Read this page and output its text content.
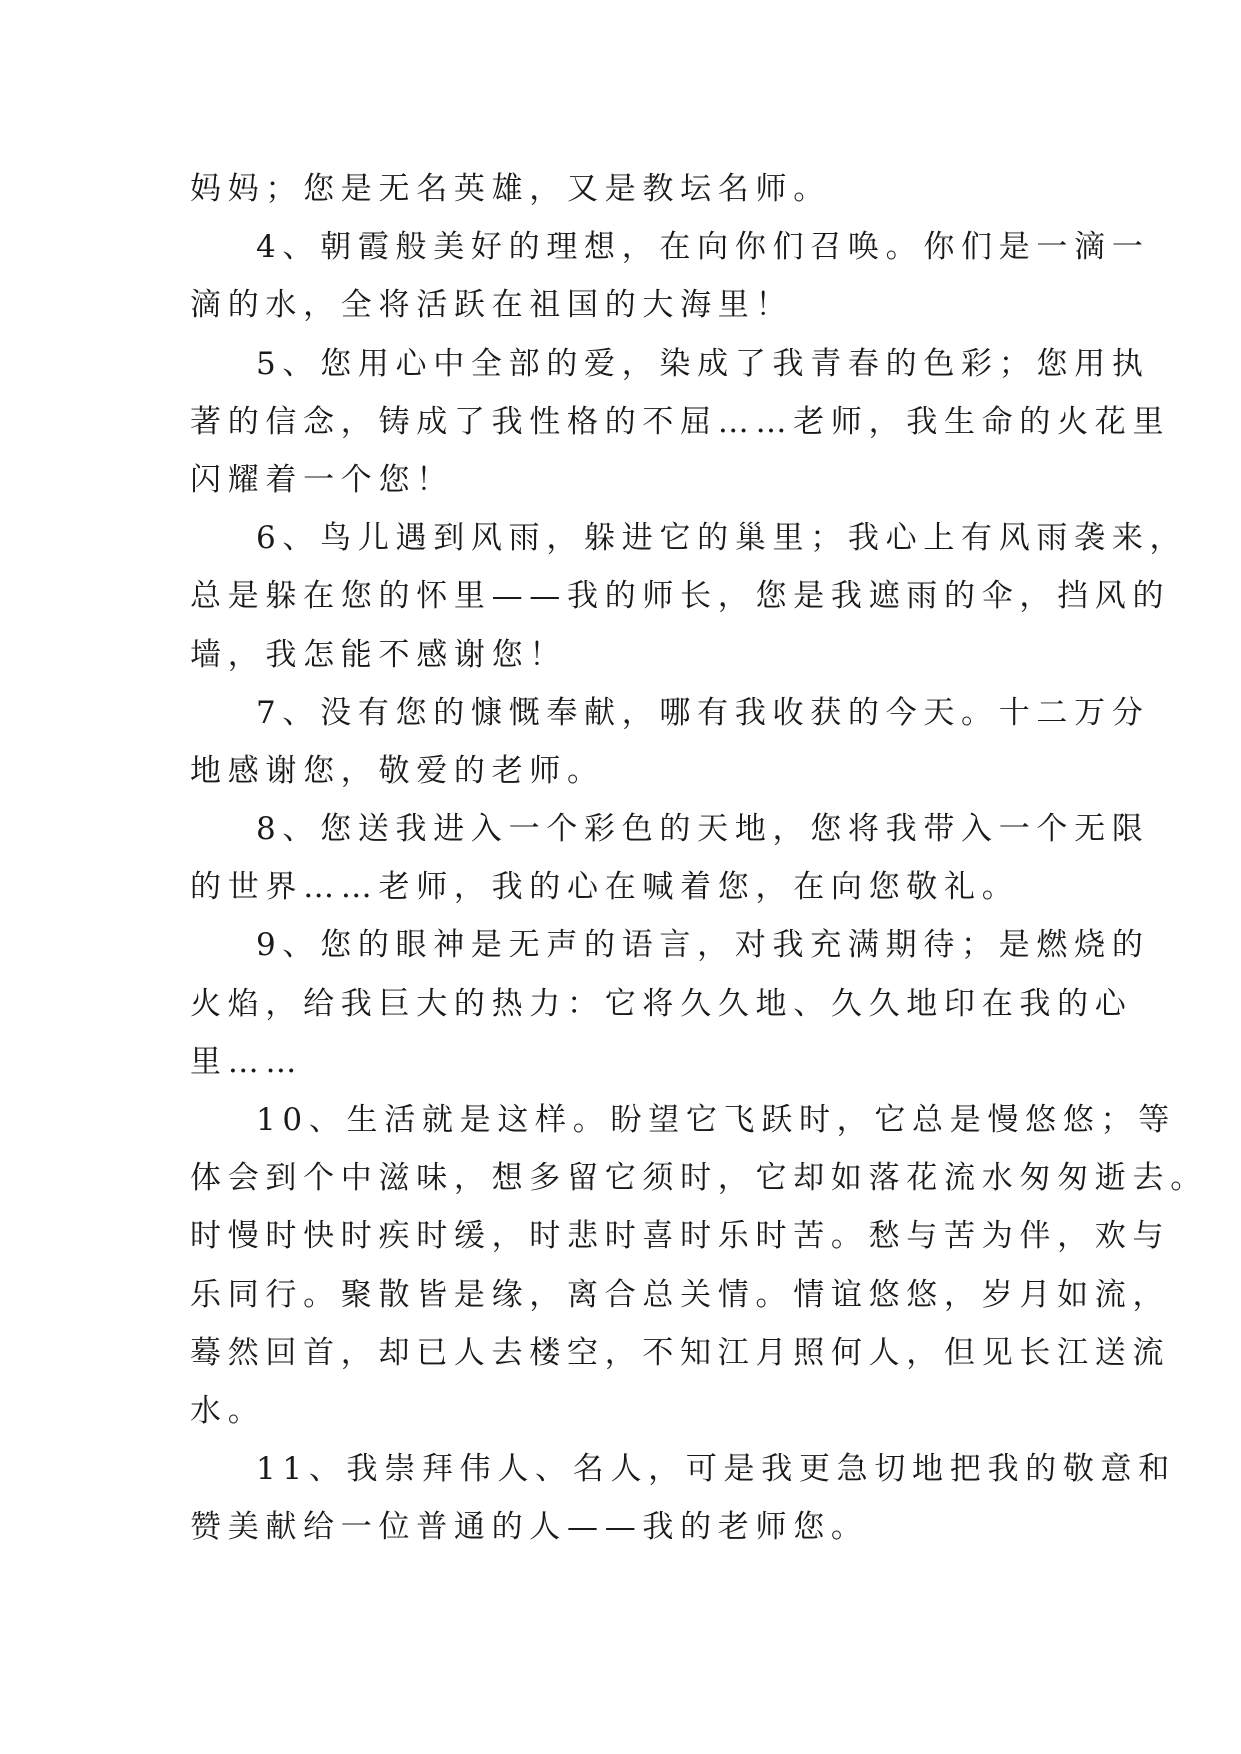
妈妈；您是无名英雄，又是教坛名师。
4、朝霞般美好的理想，在向你们召唤。你们是一滴一
滴的水，全将活跃在祖国的大海里！
5、您用心中全部的爱，染成了我青春的色彩；您用执
著的信念，铸成了我性格的不屈……老师，我生命的火花里
闪耀着一个您！
6、鸟儿遇到风雨，躲进它的巢里；我心上有风雨袭来，
总是躲在您的怀里——我的师长，您是我遮雨的伞，挡风的
墙，我怎能不感谢您！
7、没有您的慷慨奉献，哪有我收获的今天。十二万分
地感谢您，敬爱的老师。
8、您送我进入一个彩色的天地，您将我带入一个无限
的世界……老师，我的心在喊着您，在向您敬礼。
9、您的眼神是无声的语言，对我充满期待；是燃烧的
火焰，给我巨大的热力：它将久久地、久久地印在我的心
里……
10、生活就是这样。盼望它飞跃时，它总是慢悠悠；等
体会到个中滋味，想多留它须时，它却如落花流水匆匆逝去。
时慢时快时疾时缓，时悲时喜时乐时苦。愁与苦为伴，欢与
乐同行。聚散皆是缘，离合总关情。情谊悠悠，岁月如流，
蓦然回首，却已人去楼空，不知江月照何人，但见长江送流
水。
11、我崇拜伟人、名人，可是我更急切地把我的敬意和
赞美献给一位普通的人——我的老师您。
